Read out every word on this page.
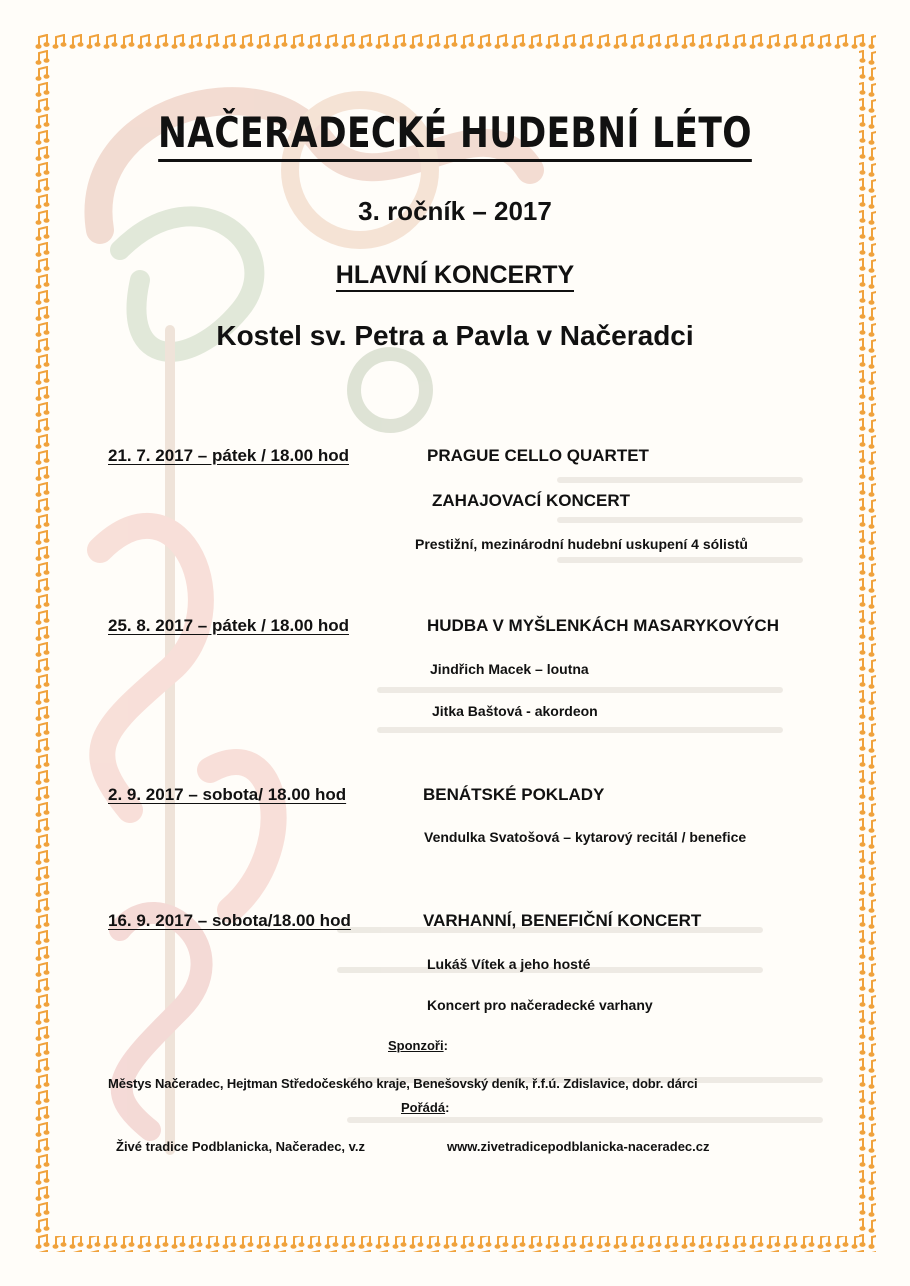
NAČERADECKÉ HUDEBNÍ LÉTO
3. ročník – 2017
HLAVNÍ KONCERTY
Kostel sv. Petra a Pavla v Načeradci
21. 7. 2017 – pátek / 18.00 hod	PRAGUE CELLO QUARTET
ZAHAJOVACÍ KONCERT
Prestižní, mezinárodní hudební uskupení 4 sólistů
25. 8. 2017 – pátek / 18.00 hod	HUDBA V MYŠLENKÁCH MASARYKOVÝCH
Jindřich Macek – loutna
Jitka Baštová - akordeon
2. 9. 2017 – sobota/ 18.00 hod	BENÁTSKÉ POKLADY
Vendulka Svatošová – kytarový recitál / benefice
16. 9. 2017 – sobota/18.00 hod	VARHANNÍ, BENEFIČNÍ KONCERT
Lukáš Vítek a jeho hosté
Koncert pro načeradecké varhany
Sponzoři:
Městys Načeradec, Hejtman Středočeského kraje, Benešovský deník, ř.f.ú. Zdislavice, dobr. dárci
Pořádá:
Živé tradice Podblanicka, Načeradec, v.z	www.zivetradicepodblanicka-naceradec.cz
